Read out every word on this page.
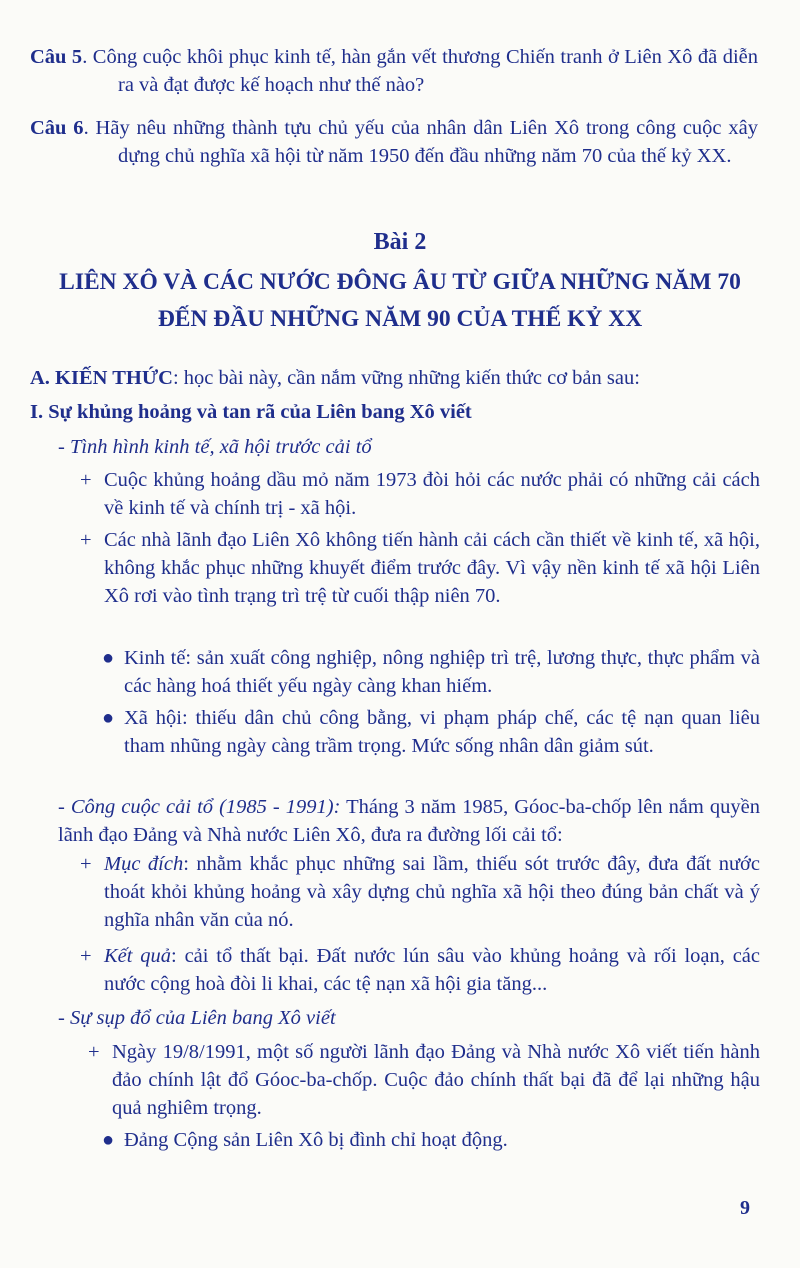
Câu 5. Công cuộc khôi phục kinh tế, hàn gắn vết thương Chiến tranh ở Liên Xô đã diễn ra và đạt được kế hoạch như thế nào?
Câu 6. Hãy nêu những thành tựu chủ yếu của nhân dân Liên Xô trong công cuộc xây dựng chủ nghĩa xã hội từ năm 1950 đến đầu những năm 70 của thế kỷ XX.
Bài 2
LIÊN XÔ VÀ CÁC NƯỚC ĐÔNG ÂU TỪ GIỮA NHỮNG NĂM 70
ĐẾN ĐẦU NHỮNG NĂM 90 CỦA THẾ KỶ XX
A. KIẾN THỨC: học bài này, cần nắm vững những kiến thức cơ bản sau:
I. Sự khủng hoảng và tan rã của Liên bang Xô viết
- Tình hình kinh tế, xã hội trước cải tổ
+ Cuộc khủng hoảng dầu mỏ năm 1973 đòi hỏi các nước phải có những cải cách về kinh tế và chính trị - xã hội.
+ Các nhà lãnh đạo Liên Xô không tiến hành cải cách cần thiết về kinh tế, xã hội, không khắc phục những khuyết điểm trước đây. Vì vậy nền kinh tế xã hội Liên Xô rơi vào tình trạng trì trệ từ cuối thập niên 70.
● Kinh tế: sản xuất công nghiệp, nông nghiệp trì trệ, lương thực, thực phẩm và các hàng hoá thiết yếu ngày càng khan hiếm.
● Xã hội: thiếu dân chủ công bằng, vi phạm pháp chế, các tệ nạn quan liêu tham nhũng ngày càng trầm trọng. Mức sống nhân dân giảm sút.
- Công cuộc cải tổ (1985 - 1991): Tháng 3 năm 1985, Góoc-ba-chốp lên nắm quyền lãnh đạo Đảng và Nhà nước Liên Xô, đưa ra đường lối cải tổ:
+ Mục đích: nhằm khắc phục những sai lầm, thiếu sót trước đây, đưa đất nước thoát khỏi khủng hoảng và xây dựng chủ nghĩa xã hội theo đúng bản chất và ý nghĩa nhân văn của nó.
+ Kết quả: cải tổ thất bại. Đất nước lún sâu vào khủng hoảng và rối loạn, các nước cộng hoà đòi li khai, các tệ nạn xã hội gia tăng...
- Sự sụp đổ của Liên bang Xô viết
+ Ngày 19/8/1991, một số người lãnh đạo Đảng và Nhà nước Xô viết tiến hành đảo chính lật đổ Góoc-ba-chốp. Cuộc đảo chính thất bại đã để lại những hậu quả nghiêm trọng.
● Đảng Cộng sản Liên Xô bị đình chỉ hoạt động.
9
